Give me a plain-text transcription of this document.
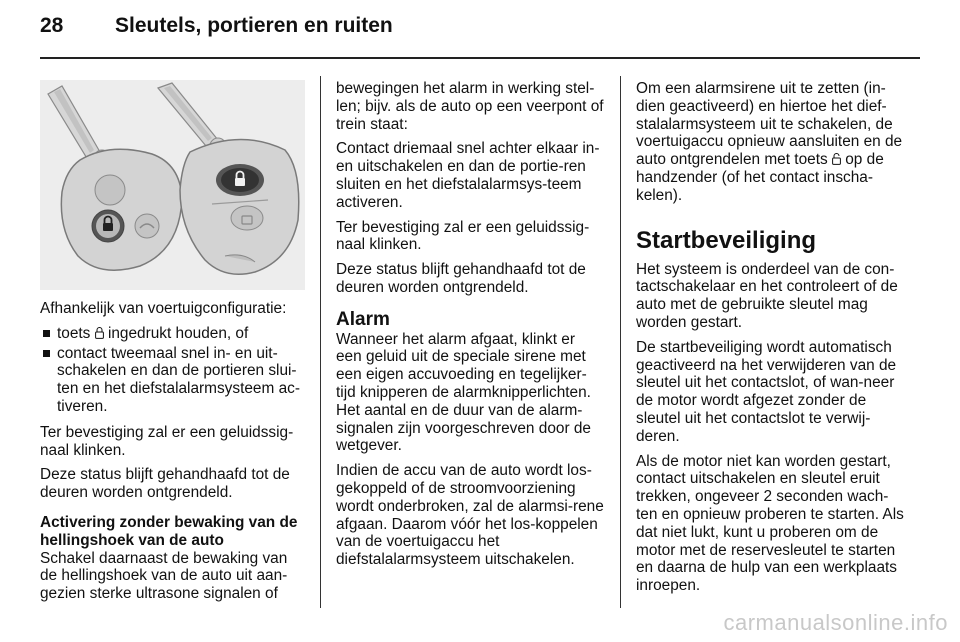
28 Sleutels, portieren en ruiten

Afhankelijk van voertuigconfiguratie:

toets ingedrukt houden, of
contact tweemaal snel in- en uit-schakelen en dan de portieren slui-ten en het diefstalalarmsysteem ac-tiveren.

Ter bevestiging zal er een geluidssig-naal klinken.

Deze status blijft gehandhaafd tot de deuren worden ontgrendeld.

Activering zonder bewaking van de hellingshoek van de auto

Schakel daarnaast de bewaking van de hellingshoek van de auto uit aan-gezien sterke ultrasone signalen of

bewegingen het alarm in werking stel-len; bijv. als de auto op een veerpont of trein staat:

Contact driemaal snel achter elkaar in- en uitschakelen en dan de portie-ren sluiten en het diefstalalarmsys-teem activeren.

Ter bevestiging zal er een geluidssig-naal klinken.

Deze status blijft gehandhaafd tot de deuren worden ontgrendeld.

Alarm

Wanneer het alarm afgaat, klinkt er een geluid uit de speciale sirene met een eigen accuvoeding en tegelijker-tijd knipperen de alarmknipperlichten. Het aantal en de duur van de alarm-signalen zijn voorgeschreven door de wetgever.

Indien de accu van de auto wordt los-gekoppeld of de stroomvoorziening wordt onderbroken, zal de alarmsi-rene afgaan. Daarom vóór het los-koppelen van de voertuigaccu het diefstalalarmsysteem uitschakelen.

Om een alarmsirene uit te zetten (in-dien geactiveerd) en hiertoe het dief-stalalarmsysteem uit te schakelen, de voertuigaccu opnieuw aansluiten en de auto ontgrendelen met toets op de handzender (of het contact inscha-kelen).

Startbeveiliging

Het systeem is onderdeel van de con-tactschakelaar en het controleert of de auto met de gebruikte sleutel mag worden gestart.

De startbeveiliging wordt automatisch geactiveerd na het verwijderen van de sleutel uit het contactslot, of wan-neer de motor wordt afgezet zonder de sleutel uit het contactslot te verwij-deren.

Als de motor niet kan worden gestart, contact uitschakelen en sleutel eruit trekken, ongeveer 2 seconden wach-ten en opnieuw proberen te starten. Als dat niet lukt, kunt u proberen om de motor met de reservesleutel te starten en daarna de hulp van een werkplaats inroepen.

carmanualsonline.info
